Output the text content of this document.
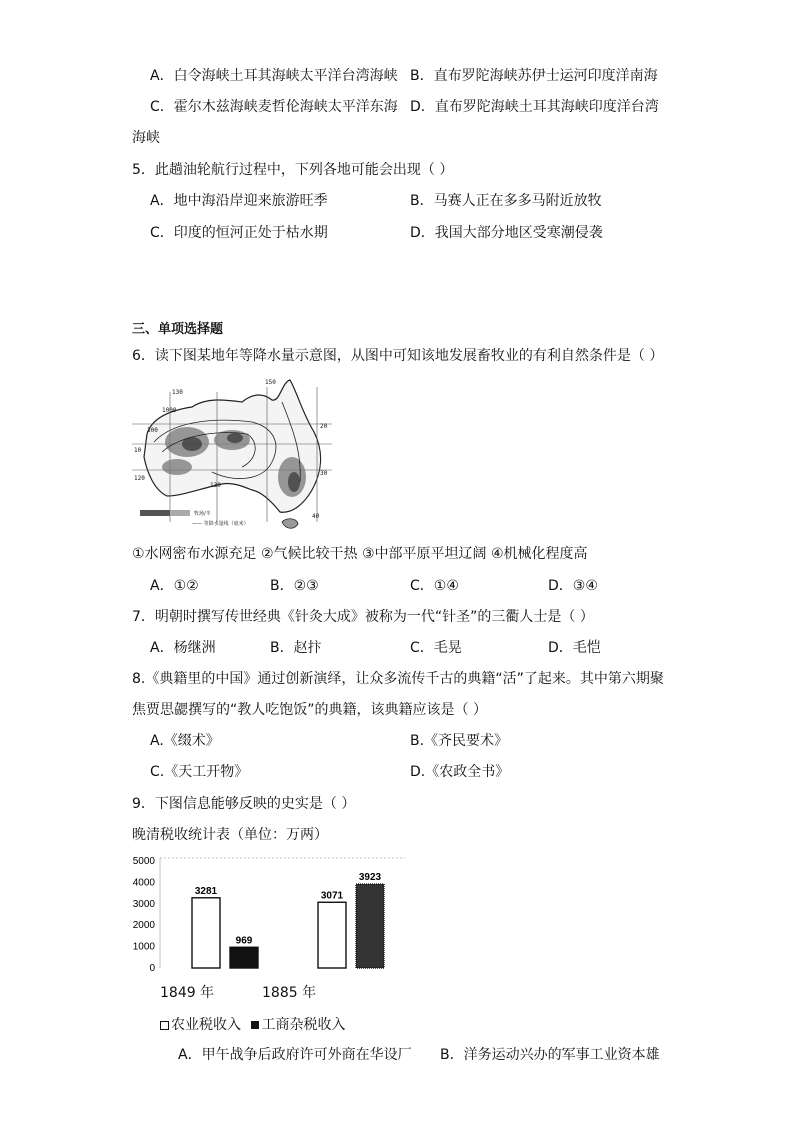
A．白令海峡土耳其海峡太平洋台湾海峡 B．直布罗陀海峡苏伊士运河印度洋南海
C．霍尔木兹海峡麦哲伦海峡太平洋东海 D．直布罗陀海峡土耳其海峡印度洋台湾
海峡
5．此趟油轮航行过程中，下列各地可能会出现（ ）
A．地中海沿岸迎来旅游旺季	B．马赛人正在多多马附近放牧
C．印度的恒河正处于枯水期	D．我国大部分地区受寒潮侵袭
三、单项选择题
6．读下图某地年等降水量示意图，从图中可知该地发展畜牧业的有利自然条件是（ ）
1000
300
130
150
20
30
40
10
120
130
牧场/羊
—— 等降水量线（毫米）
①水网密布水源充足 ②气候比较干热 ③中部平原平坦辽阔 ④机械化程度高
A．①②	B．②③	C．①④	D．③④
7．明朝时撰写传世经典《针灸大成》被称为一代“针圣”的三衢人士是（ ）
A．杨继洲	B．赵抃	C．毛晃	D．毛恺
8.《典籍里的中国》通过创新演绎，让众多流传千古的典籍“活”了起来。其中第六期聚
焦贾思勰撰写的“教人吃饱饭”的典籍，该典籍应该是（ ）
A.《缀术》	B.《齐民要术》
C.《天工开物》	D.《农政全书》
9．下图信息能够反映的史实是（ ）
晚清税收统计表（单位：万两）
0
1000
2000
3000
4000
5000
3281
969
3071
3923
1849 年	1885 年
农业税收入 工商杂税收入
A．甲午战争后政府许可外商在华设厂 B．洋务运动兴办的军事工业资本雄
